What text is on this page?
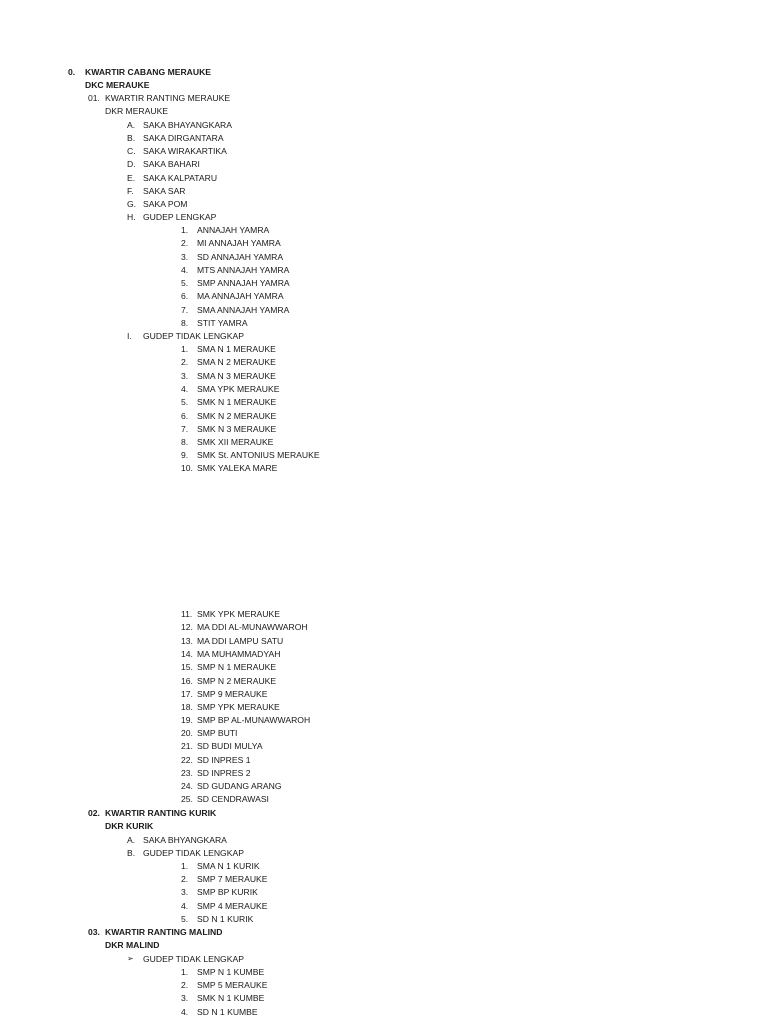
0.	KWARTIR CABANG MERAUKE
DKC MERAUKE
01. KWARTIR RANTING MERAUKE
DKR MERAUKE
A. SAKA BHAYANGKARA
B. SAKA DIRGANTARA
C. SAKA WIRAKARTIKA
D. SAKA BAHARI
E. SAKA KALPATARU
F.	SAKA SAR
G. SAKA POM
H. GUDEP LENGKAP
1.	ANNAJAH YAMRA
2.	MI ANNAJAH YAMRA
3.	SD ANNAJAH YAMRA
4.	MTS ANNAJAH YAMRA
5.	SMP ANNAJAH YAMRA
6.	MA ANNAJAH YAMRA
7.	SMA ANNAJAH YAMRA
8.	STIT YAMRA
I.	GUDEP TIDAK LENGKAP
1.	SMA N 1 MERAUKE
2.	SMA N 2 MERAUKE
3.	SMA N 3 MERAUKE
4.	SMA YPK MERAUKE
5.	SMK N 1 MERAUKE
6.	SMK N 2 MERAUKE
7.	SMK N 3 MERAUKE
8.	SMK XII MERAUKE
9.	SMK St. ANTONIUS MERAUKE
10. SMK YALEKA MARE
11. SMK YPK MERAUKE
12. MA DDI AL-MUNAWWAROH
13. MA DDI LAMPU SATU
14. MA MUHAMMADYAH
15. SMP N 1 MERAUKE
16. SMP N 2 MERAUKE
17. SMP 9 MERAUKE
18. SMP YPK MERAUKE
19. SMP BP AL-MUNAWWAROH
20. SMP BUTI
21. SD BUDI MULYA
22. SD INPRES 1
23. SD INPRES 2
24. SD GUDANG ARANG
25. SD CENDRAWASI
02. KWARTIR RANTING KURIK
DKR KURIK
A. SAKA BHYANGKARA
B. GUDEP TIDAK LENGKAP
1.	SMA N 1 KURIK
2.	SMP 7 MERAUKE
3.	SMP BP KURIK
4.	SMP 4 MERAUKE
5.	SD N 1 KURIK
03. KWARTIR RANTING MALIND
DKR MALIND
➢	GUDEP TIDAK LENGKAP
1.	SMP N 1 KUMBE
2.	SMP 5 MERAUKE
3.	SMK N 1 KUMBE
4.	SD N 1 KUMBE
